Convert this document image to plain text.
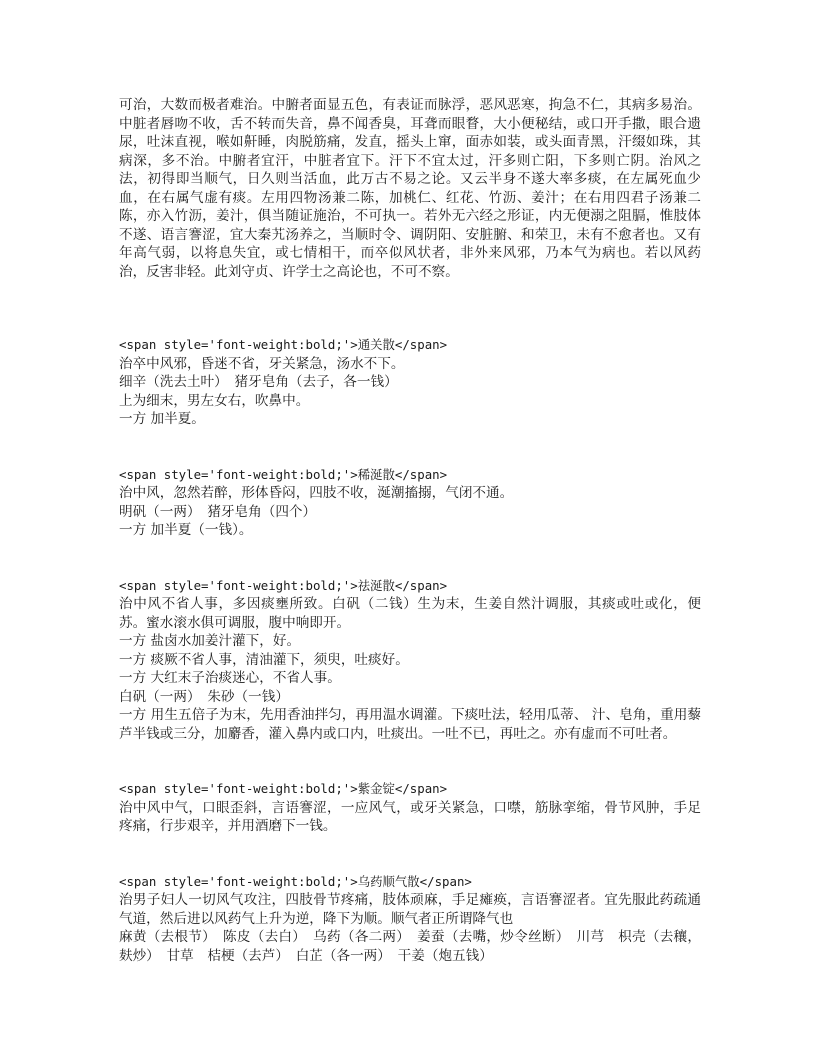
可治，大数而极者难治。中腑者面显五色，有表证而脉浮，恶风恶寒，拘急不仁，其病多易治。中脏者唇吻不收，舌不转而失音，鼻不闻香臭，耳聋而眼瞀，大小便秘结，或口开手撒，眼合遗尿，吐沫直视，喉如鼾睡，肉脱筋痛，发直，摇头上窜，面赤如装，或头面青黑，汗缀如珠，其病深，多不治。中腑者宜汗，中脏者宜下。汗下不宜太过，汗多则亡阳，下多则亡阴。治风之法，初得即当顺气，日久则当活血，此万古不易之论。又云半身不遂大率多痰，在左属死血少血，在右属气虚有痰。左用四物汤兼二陈，加桃仁、红花、竹沥、姜汁；在右用四君子汤兼二陈，亦入竹沥，姜汁，俱当随证施治，不可执一。若外无六经之形证，内无便溺之阻膈，惟肢体不遂、语言謇涩，宜大秦艽汤养之，当顺时令、调阴阳、安脏腑、和荣卫，未有不愈者也。又有年高气弱，以将息失宜，或七情相干，而卒似风状者，非外来风邪，乃本气为病也。若以风药治，反害非轻。此刘守贞、许学士之高论也，不可不察。

<span style='font-weight:bold;'>通关散</span>

治卒中风邪，昏迷不省，牙关紧急，汤水不下。

细辛（洗去土叶）　猪牙皂角（去子，各一钱）

上为细末，男左女右，吹鼻中。

一方 加半夏。

<span style='font-weight:bold;'>稀涎散</span>

治中风，忽然若醉，形体昏闷，四肢不收，涎潮搐搦，气闭不通。

明矾（一两）　猪牙皂角（四个）

一方 加半夏（一钱）。

<span style='font-weight:bold;'>祛涎散</span>

治中风不省人事，多因痰壅所致。白矾（二钱）生为末，生姜自然汁调服，其痰或吐或化，便苏。蜜水滚水俱可调服，腹中响即开。

一方 盐卤水加姜汁灌下，好。

一方 痰厥不省人事，清油灌下，须臾，吐痰好。

一方 大红末子治痰迷心，不省人事。

白矾（一两）　朱砂（一钱）

一方 用生五倍子为末，先用香油拌匀，再用温水调灌。下痰吐法，轻用瓜蒂、 汁、皂角，重用藜芦半钱或三分，加麝香，灌入鼻内或口内，吐痰出。一吐不已，再吐之。亦有虚而不可吐者。

<span style='font-weight:bold;'>紫金锭</span>

治中风中气，口眼歪斜，言语謇涩，一应风气，或牙关紧急，口噤，筋脉挛缩，骨节风肿，手足疼痛，行步艰辛，并用酒磨下一钱。

<span style='font-weight:bold;'>乌药顺气散</span>

治男子妇人一切风气攻注，四肢骨节疼痛，肢体顽麻，手足瘫痪，言语謇涩者。宜先服此药疏通气道，然后进以风药气上升为逆，降下为顺。顺气者正所谓降气也

麻黄（去根节）　陈皮（去白）　乌药（各二两）　姜蚕（去嘴，炒令丝断）　川芎　枳壳（去穰，麸炒）　甘草　桔梗（去芦）　白芷（各一两）　干姜（炮五钱）
